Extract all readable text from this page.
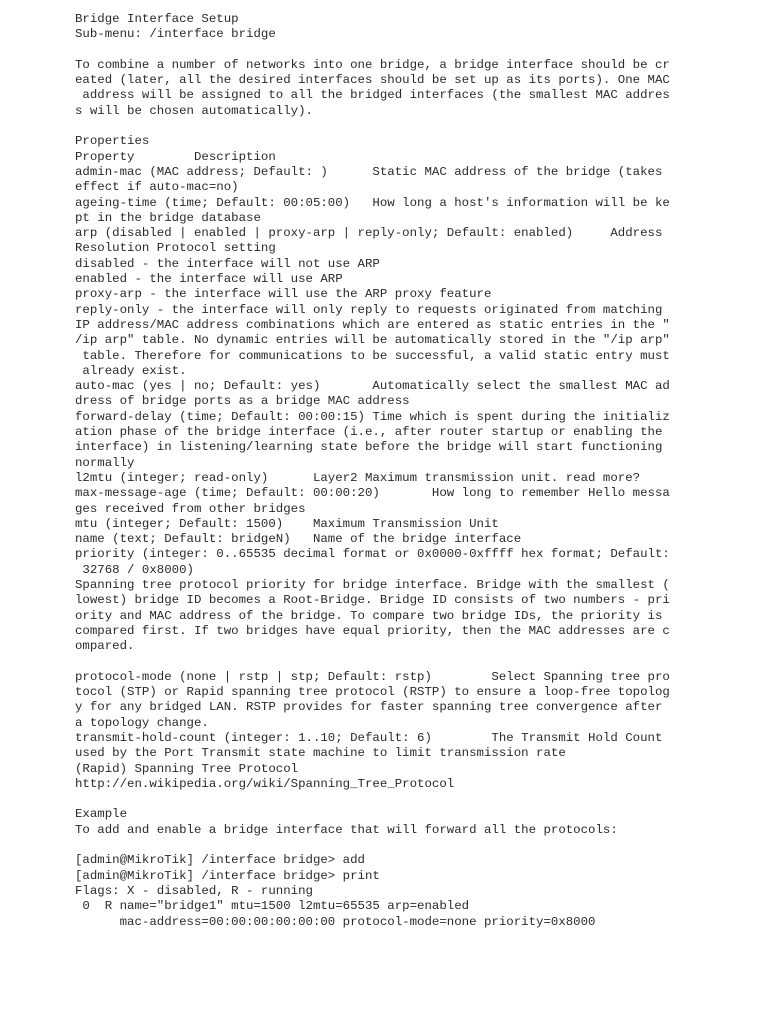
Bridge Interface Setup
Sub-menu: /interface bridge
To combine a number of networks into one bridge, a bridge interface should be cr
eated (later, all the desired interfaces should be set up as its ports). One MAC
address will be assigned to all the bridged interfaces (the smallest MAC addres
s will be chosen automatically).
Properties
Property        Description
admin-mac (MAC address; Default: )      Static MAC address of the bridge (takes
effect if auto-mac=no)
ageing-time (time; Default: 00:05:00)   How long a host's information will be ke
pt in the bridge database
arp (disabled | enabled | proxy-arp | reply-only; Default: enabled)     Address
Resolution Protocol setting
disabled - the interface will not use ARP
enabled - the interface will use ARP
proxy-arp - the interface will use the ARP proxy feature
reply-only - the interface will only reply to requests originated from matching
IP address/MAC address combinations which are entered as static entries in the "
/ip arp" table. No dynamic entries will be automatically stored in the "/ip arp"
table. Therefore for communications to be successful, a valid static entry must
already exist.
auto-mac (yes | no; Default: yes)       Automatically select the smallest MAC ad
dress of bridge ports as a bridge MAC address
forward-delay (time; Default: 00:00:15) Time which is spent during the initializ
ation phase of the bridge interface (i.e., after router startup or enabling the
interface) in listening/learning state before the bridge will start functioning
normally
l2mtu (integer; read-only)      Layer2 Maximum transmission unit. read more?
max-message-age (time; Default: 00:00:20)       How long to remember Hello messa
ges received from other bridges
mtu (integer; Default: 1500)    Maximum Transmission Unit
name (text; Default: bridgeN)   Name of the bridge interface
priority (integer: 0..65535 decimal format or 0x0000-0xffff hex format; Default:
32768 / 0x8000)
Spanning tree protocol priority for bridge interface. Bridge with the smallest (
lowest) bridge ID becomes a Root-Bridge. Bridge ID consists of two numbers - pri
ority and MAC address of the bridge. To compare two bridge IDs, the priority is
compared first. If two bridges have equal priority, then the MAC addresses are c
ompared.
protocol-mode (none | rstp | stp; Default: rstp)        Select Spanning tree pro
tocol (STP) or Rapid spanning tree protocol (RSTP) to ensure a loop-free topolog
y for any bridged LAN. RSTP provides for faster spanning tree convergence after
a topology change.
transmit-hold-count (integer: 1..10; Default: 6)        The Transmit Hold Count
used by the Port Transmit state machine to limit transmission rate
(Rapid) Spanning Tree Protocol
http://en.wikipedia.org/wiki/Spanning_Tree_Protocol
Example
To add and enable a bridge interface that will forward all the protocols:
[admin@MikroTik] /interface bridge> add
[admin@MikroTik] /interface bridge> print
Flags: X - disabled, R - running
0  R name="bridge1" mtu=1500 l2mtu=65535 arp=enabled
mac-address=00:00:00:00:00:00 protocol-mode=none priority=0x8000
